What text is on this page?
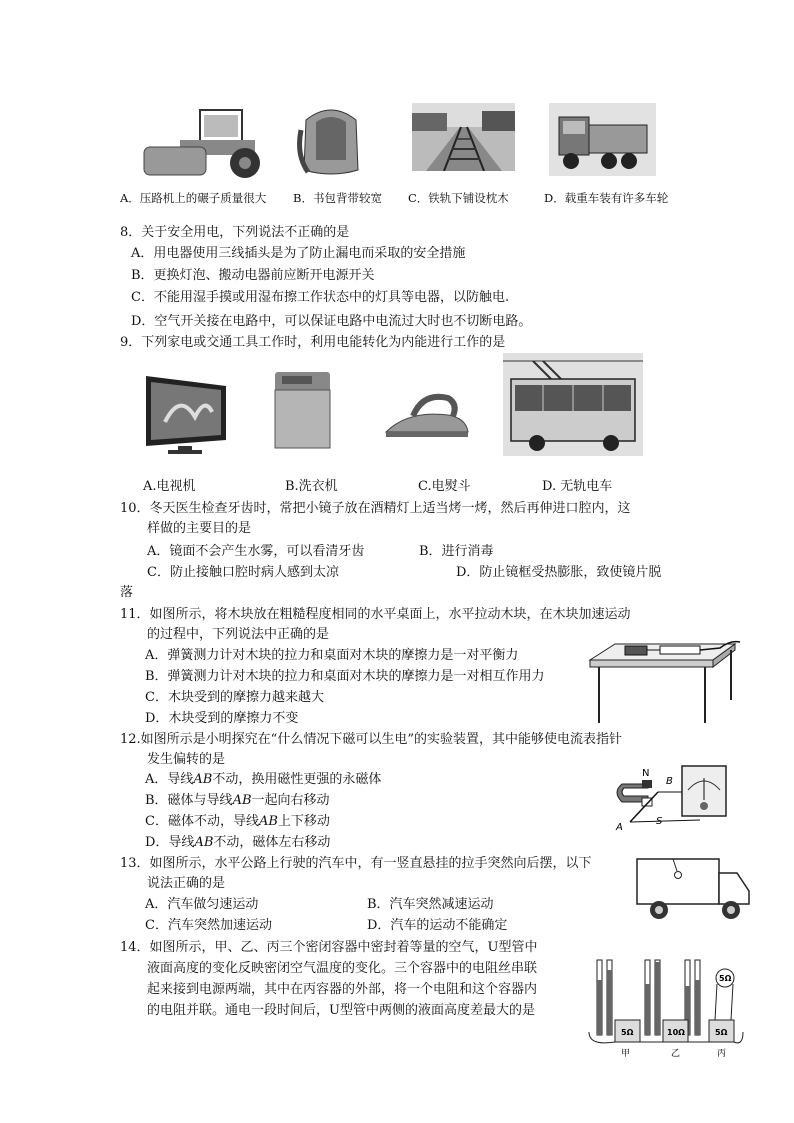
A．压路机上的碾子质量很大 B．书包背带较宽 C．铁轨下铺设枕木	D．载重车装有许多车轮
8．关于安全用电，下列说法不正确的是
A．用电器使用三线插头是为了防止漏电而采取的安全措施
B．更换灯泡、搬动电器前应断开电源开关
C．不能用湿手摸或用湿布擦工作状态中的灯具等电器，以防触电.
D．空气开关接在电路中，可以保证电路中电流过大时也不切断电路。
9．下列家电或交通工具工作时，利用电能转化为内能进行工作的是
A.电视机	B.洗衣机	C.电熨斗	D. 无轨电车
10．冬天医生检查牙齿时，常把小镜子放在酒精灯上适当烤一烤，然后再伸进口腔内，这
样做的主要目的是
A．镜面不会产生水雾，可以看清牙齿	B．进行消毒
C．防止接触口腔时病人感到太凉	D．防止镜框受热膨胀，致使镜片脱
落
11．如图所示，将木块放在粗糙程度相同的水平桌面上，水平拉动木块，在木块加速运动
的过程中，下列说法中正确的是
A．弹簧测力计对木块的拉力和桌面对木块的摩擦力是一对平衡力
B．弹簧测力计对木块的拉力和桌面对木块的摩擦力是一对相互作用力
C．木块受到的摩擦力越来越大
D．木块受到的摩擦力不变
12.如图所示是小明探究在“什么情况下磁可以生电”的实验装置，其中能够使电流表指针
发生偏转的是
A．导线AB不动，换用磁性更强的永磁体
B．磁体与导线AB一起向右移动
C．磁体不动，导线AB上下移动
D．导线AB不动，磁体左右移动
N
S
A
B
13．如图所示，水平公路上行驶的汽车中，有一竖直悬挂的拉手突然向后摆，以下
说法正确的是
A．汽车做匀速运动	B．汽车突然减速运动
C．汽车突然加速运动	D．汽车的运动不能确定
14．如图所示，甲、乙、丙三个密闭容器中密封着等量的空气，U型管中
液面高度的变化反映密闭空气温度的变化。三个容器中的电阻丝串联
起来接到电源两端，其中在丙容器的外部，将一个电阻和这个容器内
的电阻并联。通电一段时间后，U型管中两侧的液面高度差最大的是
5Ω	10Ω	5Ω
5Ω
甲	乙	丙
